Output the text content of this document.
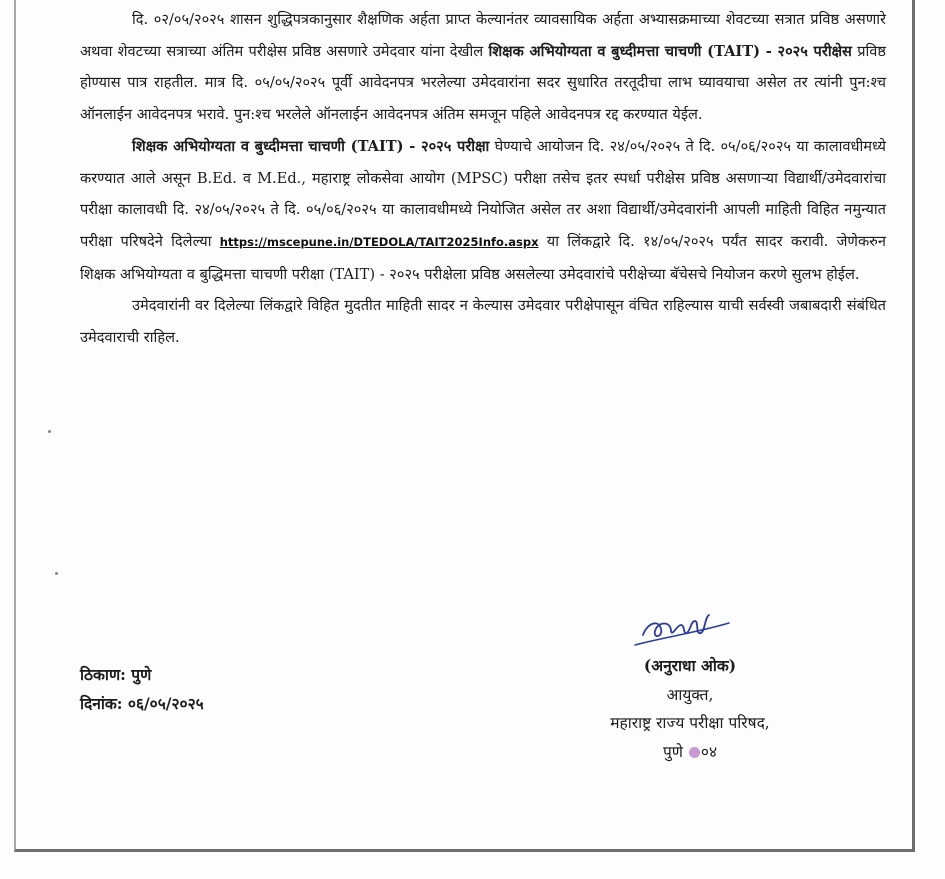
दि. ०२/०५/२०२५ शासन शुद्धिपत्रकानुसार शैक्षणिक अर्हता प्राप्त केल्यानंतर व्यावसायिक अर्हता अभ्यासक्रमाच्या शेवटच्या सत्रात प्रविष्ठ असणारे अथवा शेवटच्या सत्राच्या अंतिम परीक्षेस प्रविष्ठ असणारे उमेदवार यांना देखील शिक्षक अभियोग्यता व बुध्दीमत्ता चाचणी (TAIT) - २०२५ परीक्षेस प्रविष्ठ होण्यास पात्र राहतील. मात्र दि. ०५/०५/२०२५ पूर्वी आवेदनपत्र भरलेल्या उमेदवारांना सदर सुधारित तरतूदीचा लाभ घ्यावयाचा असेल तर त्यांनी पुन:श्च ऑनलाईन आवेदनपत्र भरावे. पुन:श्च भरलेले ऑनलाईन आवेदनपत्र अंतिम समजून पहिले आवेदनपत्र रद्द करण्यात येईल.

शिक्षक अभियोग्यता व बुध्दीमत्ता चाचणी (TAIT) - २०२५ परीक्षा घेण्याचे आयोजन दि. २४/०५/२०२५ ते दि. ०५/०६/२०२५ या कालावधीमध्ये करण्यात आले असून B.Ed. व M.Ed., महाराष्ट्र लोकसेवा आयोग (MPSC) परीक्षा तसेच इतर स्पर्धा परीक्षेस प्रविष्ठ असणाऱ्या विद्यार्थी/उमेदवारांचा परीक्षा कालावधी दि. २४/०५/२०२५ ते दि. ०५/०६/२०२५ या कालावधीमध्ये नियोजित असेल तर अशा विद्यार्थी/उमेदवारांनी आपली माहिती विहित नमुन्यात परीक्षा परिषदेने दिलेल्या https://mscepune.in/DTEDOLA/TAIT2025Info.aspx या लिंकद्वारे दि. १४/०५/२०२५ पर्यंत सादर करावी. जेणेकरुन शिक्षक अभियोग्यता व बुद्धिमत्ता चाचणी परीक्षा (TAIT) - २०२५ परीक्षेला प्रविष्ठ असलेल्या उमेदवारांचे परीक्षेच्या बॅचेसचे नियोजन करणे सुलभ होईल.

उमेदवारांनी वर दिलेल्या लिंकद्वारे विहित मुदतीत माहिती सादर न केल्यास उमेदवार परीक्षेपासून वंचित राहिल्यास याची सर्वस्वी जबाबदारी संबंधित उमेदवाराची राहिल.

ठिकाण: पुणे
दिनांक: ०६/०५/२०२५
(अनुराधा ओक)
आयुक्त,
महाराष्ट्र राज्य परीक्षा परिषद,
पुणे ०४
